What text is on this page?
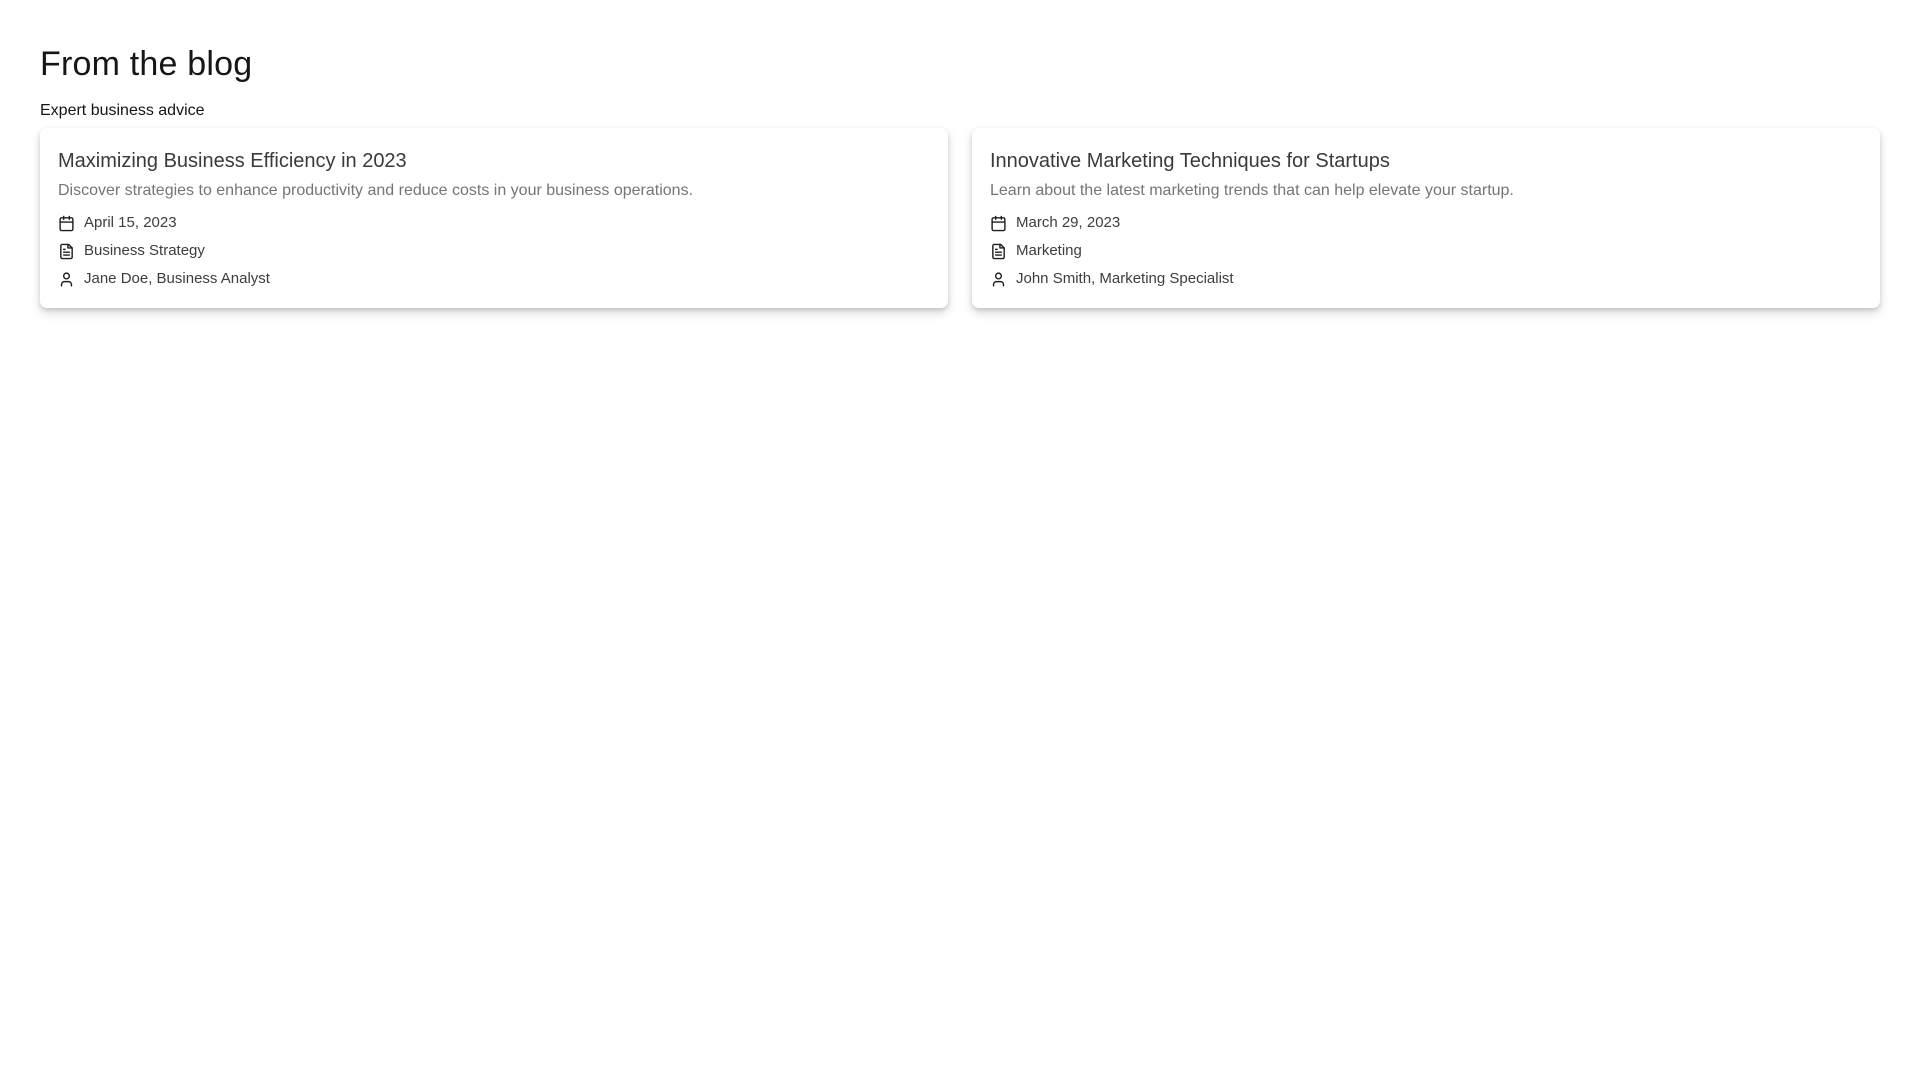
From the blog
Expert business advice
Maximizing Business Efficiency in 2023
Discover strategies to enhance productivity and reduce costs in your business operations.
April 15, 2023
Business Strategy
Jane Doe, Business Analyst
Innovative Marketing Techniques for Startups
Learn about the latest marketing trends that can help elevate your startup.
March 29, 2023
Marketing
John Smith, Marketing Specialist
